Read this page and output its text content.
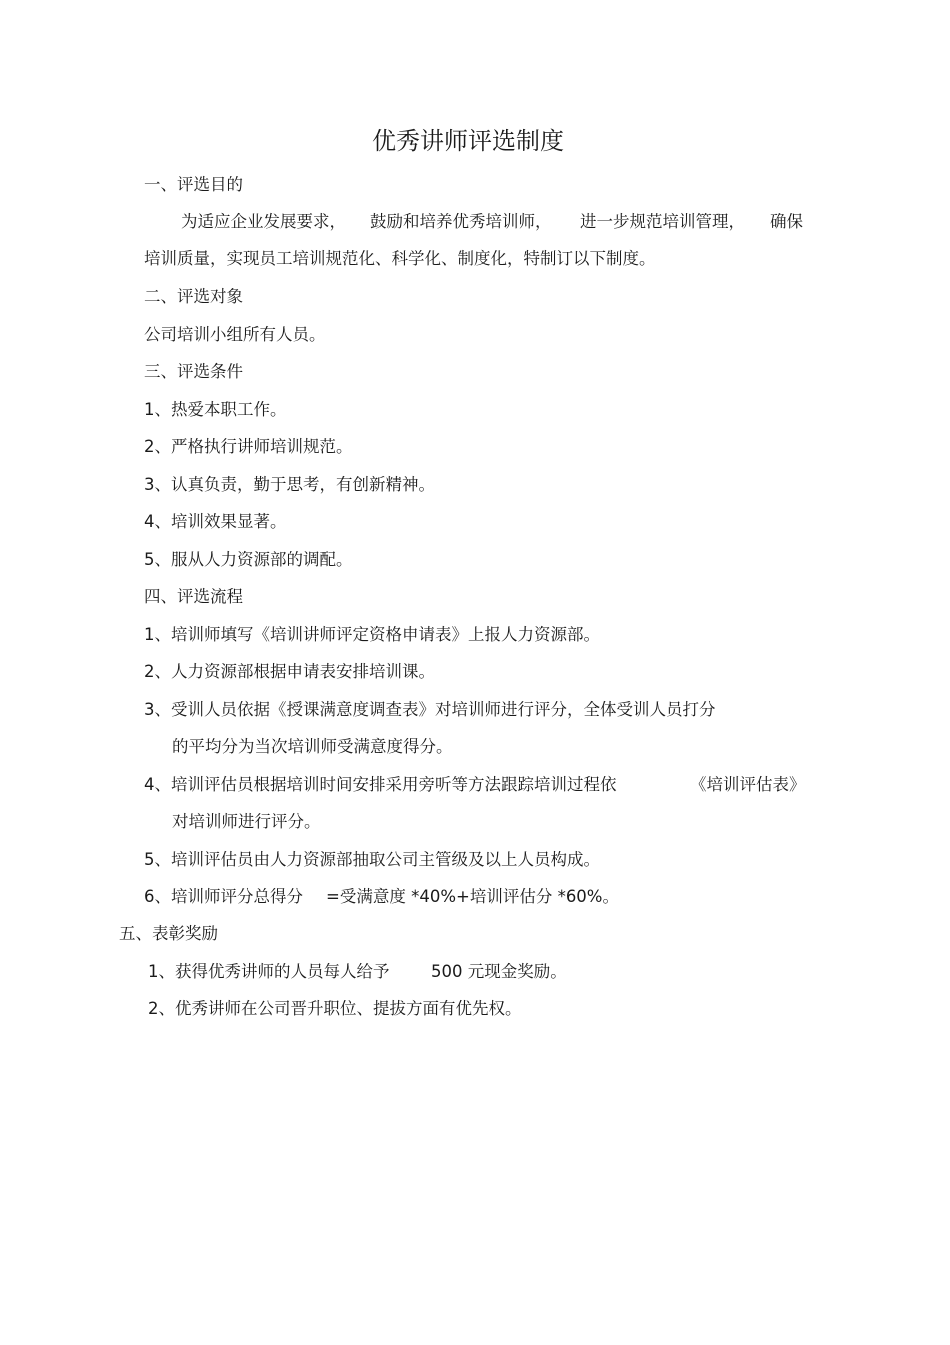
优秀讲师评选制度
一、评选目的
为适应企业发展要求， 鼓励和培养优秀培训师， 进一步规范培训管理， 确保
培训质量，实现员工培训规范化、科学化、制度化，特制订以下制度。
二、评选对象
公司培训小组所有人员。
三、评选条件
1、热爱本职工作。
2、严格执行讲师培训规范。
3、认真负责，勤于思考，有创新精神。
4、培训效果显著。
5、服从人力资源部的调配。
四、评选流程
1、培训师填写《培训讲师评定资格申请表》上报人力资源部。
2、人力资源部根据申请表安排培训课。
3、受训人员依据《授课满意度调查表》对培训师进行评分，全体受训人员打分
的平均分为当次培训师受满意度得分。
4、培训评估员根据培训时间安排采用旁听等方法跟踪培训过程依	《培训评估表》
对培训师进行评分。
5、培训评估员由人力资源部抽取公司主管级及以上人员构成。
6、培训师评分总得分 =受满意度 *40%+培训评估分 *60%。
五、表彰奖励
1、获得优秀讲师的人员每人给予	500 元现金奖励。
2、优秀讲师在公司晋升职位、提拔方面有优先权。
